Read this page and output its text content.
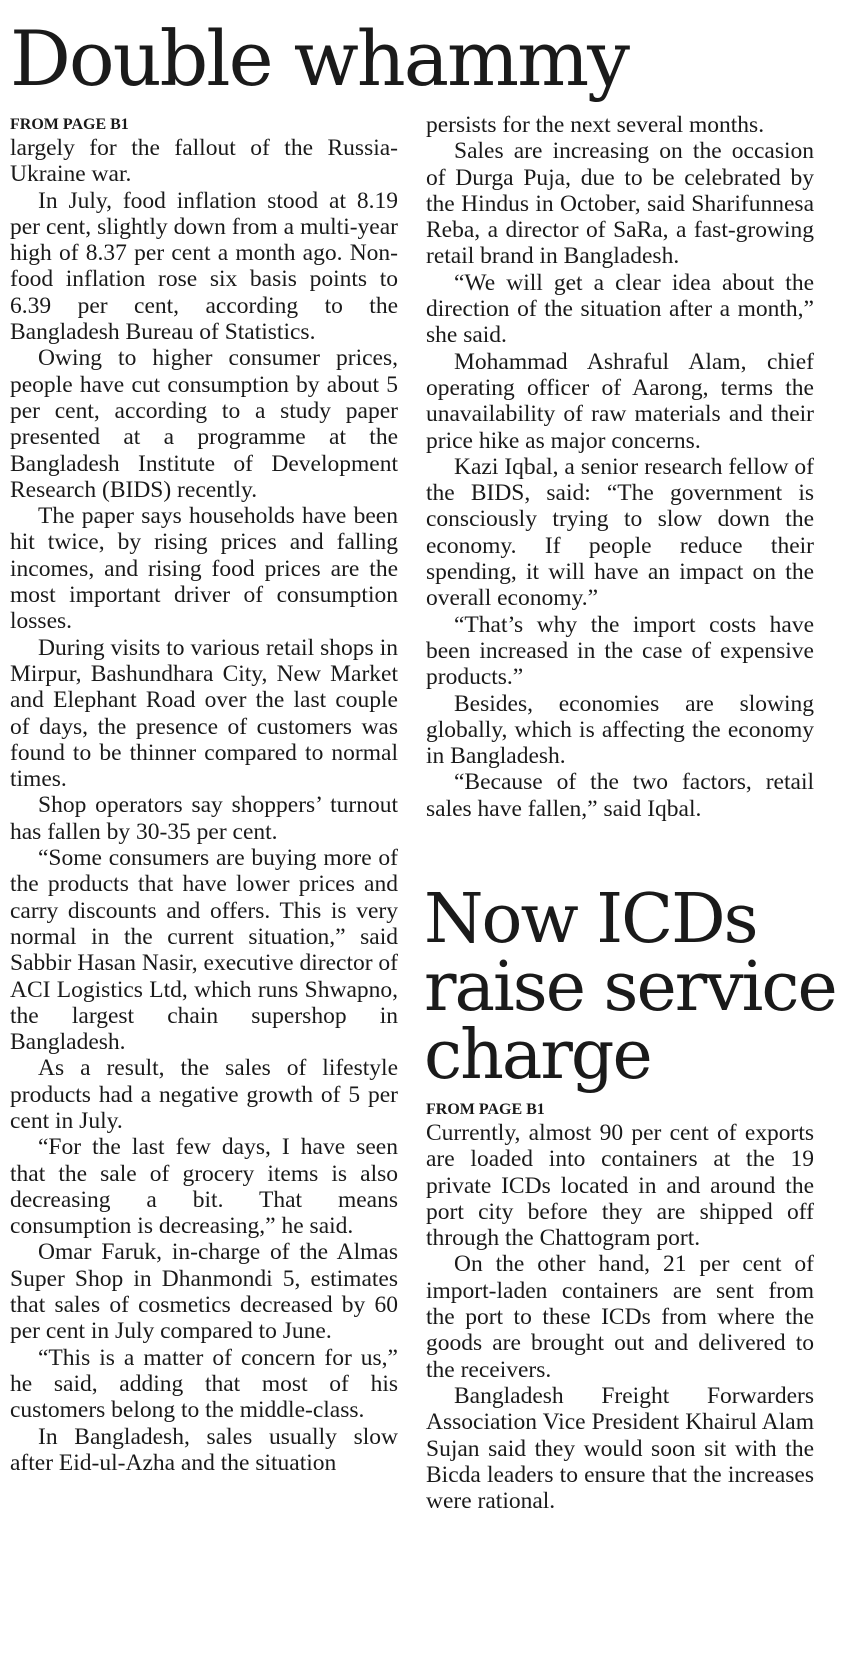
Double whammy
FROM PAGE B1

largely for the fallout of the Russia-Ukraine war.

In July, food inflation stood at 8.19 per cent, slightly down from a multi-year high of 8.37 per cent a month ago. Non-food inflation rose six basis points to 6.39 per cent, according to the Bangladesh Bureau of Statistics.

Owing to higher consumer prices, people have cut consumption by about 5 per cent, according to a study paper presented at a programme at the Bangladesh Institute of Development Research (BIDS) recently.

The paper says households have been hit twice, by rising prices and falling incomes, and rising food prices are the most important driver of consumption losses.

During visits to various retail shops in Mirpur, Bashundhara City, New Market and Elephant Road over the last couple of days, the presence of customers was found to be thinner compared to normal times.

Shop operators say shoppers’ turnout has fallen by 30-35 per cent.

“Some consumers are buying more of the products that have lower prices and carry discounts and offers. This is very normal in the current situation,” said Sabbir Hasan Nasir, executive director of ACI Logistics Ltd, which runs Shwapno, the largest chain supershop in Bangladesh.

As a result, the sales of lifestyle products had a negative growth of 5 per cent in July.

“For the last few days, I have seen that the sale of grocery items is also decreasing a bit. That means consumption is decreasing,” he said.

Omar Faruk, in-charge of the Almas Super Shop in Dhanmondi 5, estimates that sales of cosmetics decreased by 60 per cent in July compared to June.

“This is a matter of concern for us,” he said, adding that most of his customers belong to the middle-class.

In Bangladesh, sales usually slow after Eid-ul-Azha and the situation

persists for the next several months.

Sales are increasing on the occasion of Durga Puja, due to be celebrated by the Hindus in October, said Sharifunnesa Reba, a director of SaRa, a fast-growing retail brand in Bangladesh.

“We will get a clear idea about the direction of the situation after a month,” she said.

Mohammad Ashraful Alam, chief operating officer of Aarong, terms the unavailability of raw materials and their price hike as major concerns.

Kazi Iqbal, a senior research fellow of the BIDS, said: “The government is consciously trying to slow down the economy. If people reduce their spending, it will have an impact on the overall economy.”

“That’s why the import costs have been increased in the case of expensive products.”

Besides, economies are slowing globally, which is affecting the economy in Bangladesh.

“Because of the two factors, retail sales have fallen,” said Iqbal.

Now ICDs raise service charge
FROM PAGE B1

Currently, almost 90 per cent of exports are loaded into containers at the 19 private ICDs located in and around the port city before they are shipped off through the Chattogram port.

On the other hand, 21 per cent of import-laden containers are sent from the port to these ICDs from where the goods are brought out and delivered to the receivers.

Bangladesh Freight Forwarders Association Vice President Khairul Alam Sujan said they would soon sit with the Bicda leaders to ensure that the increases were rational.
